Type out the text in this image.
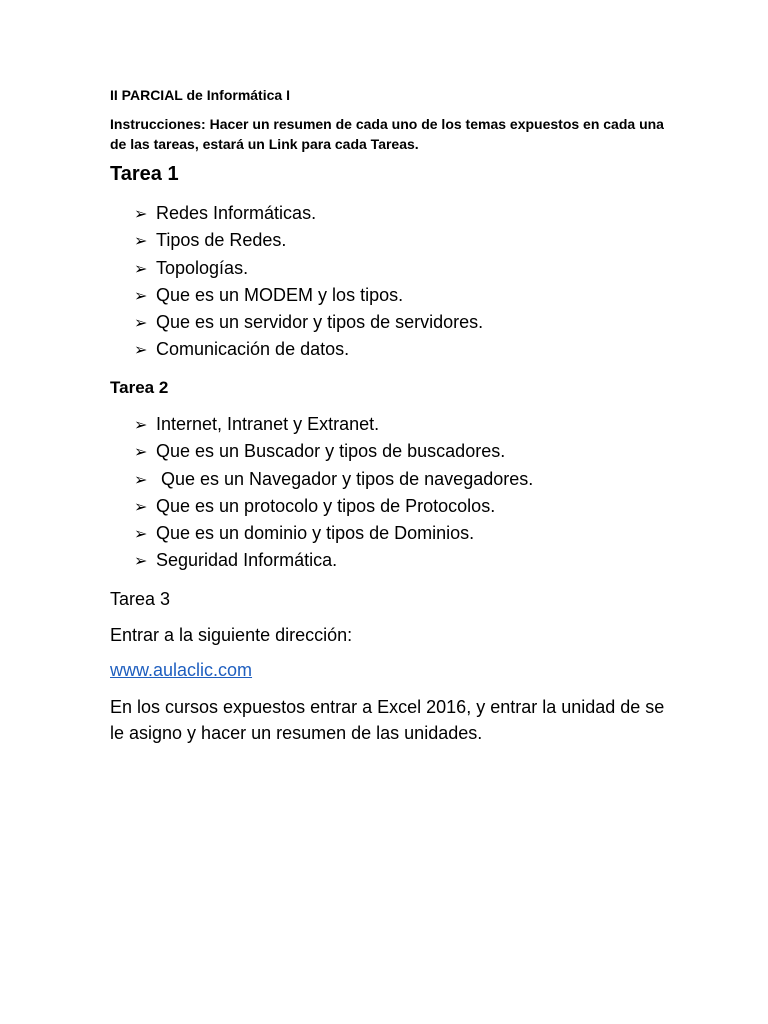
II PARCIAL de Informática I
Instrucciones: Hacer un resumen de cada uno de los temas expuestos en cada una de las tareas, estará un Link para cada Tareas.
Tarea 1
➢ Redes Informáticas.
➢ Tipos de Redes.
➢ Topologías.
➢ Que es un MODEM y los tipos.
➢ Que es un servidor y tipos de servidores.
➢ Comunicación de datos.
Tarea 2
➢ Internet, Intranet y Extranet.
➢ Que es un Buscador y tipos de buscadores.
➢ Que es un Navegador y tipos de navegadores.
➢ Que es un protocolo y tipos de Protocolos.
➢ Que es un dominio y tipos de Dominios.
➢ Seguridad Informática.
Tarea 3
Entrar a la siguiente dirección:
www.aulaclic.com
En los cursos expuestos entrar a Excel 2016, y entrar la unidad de se le asigno y hacer un resumen de las unidades.
